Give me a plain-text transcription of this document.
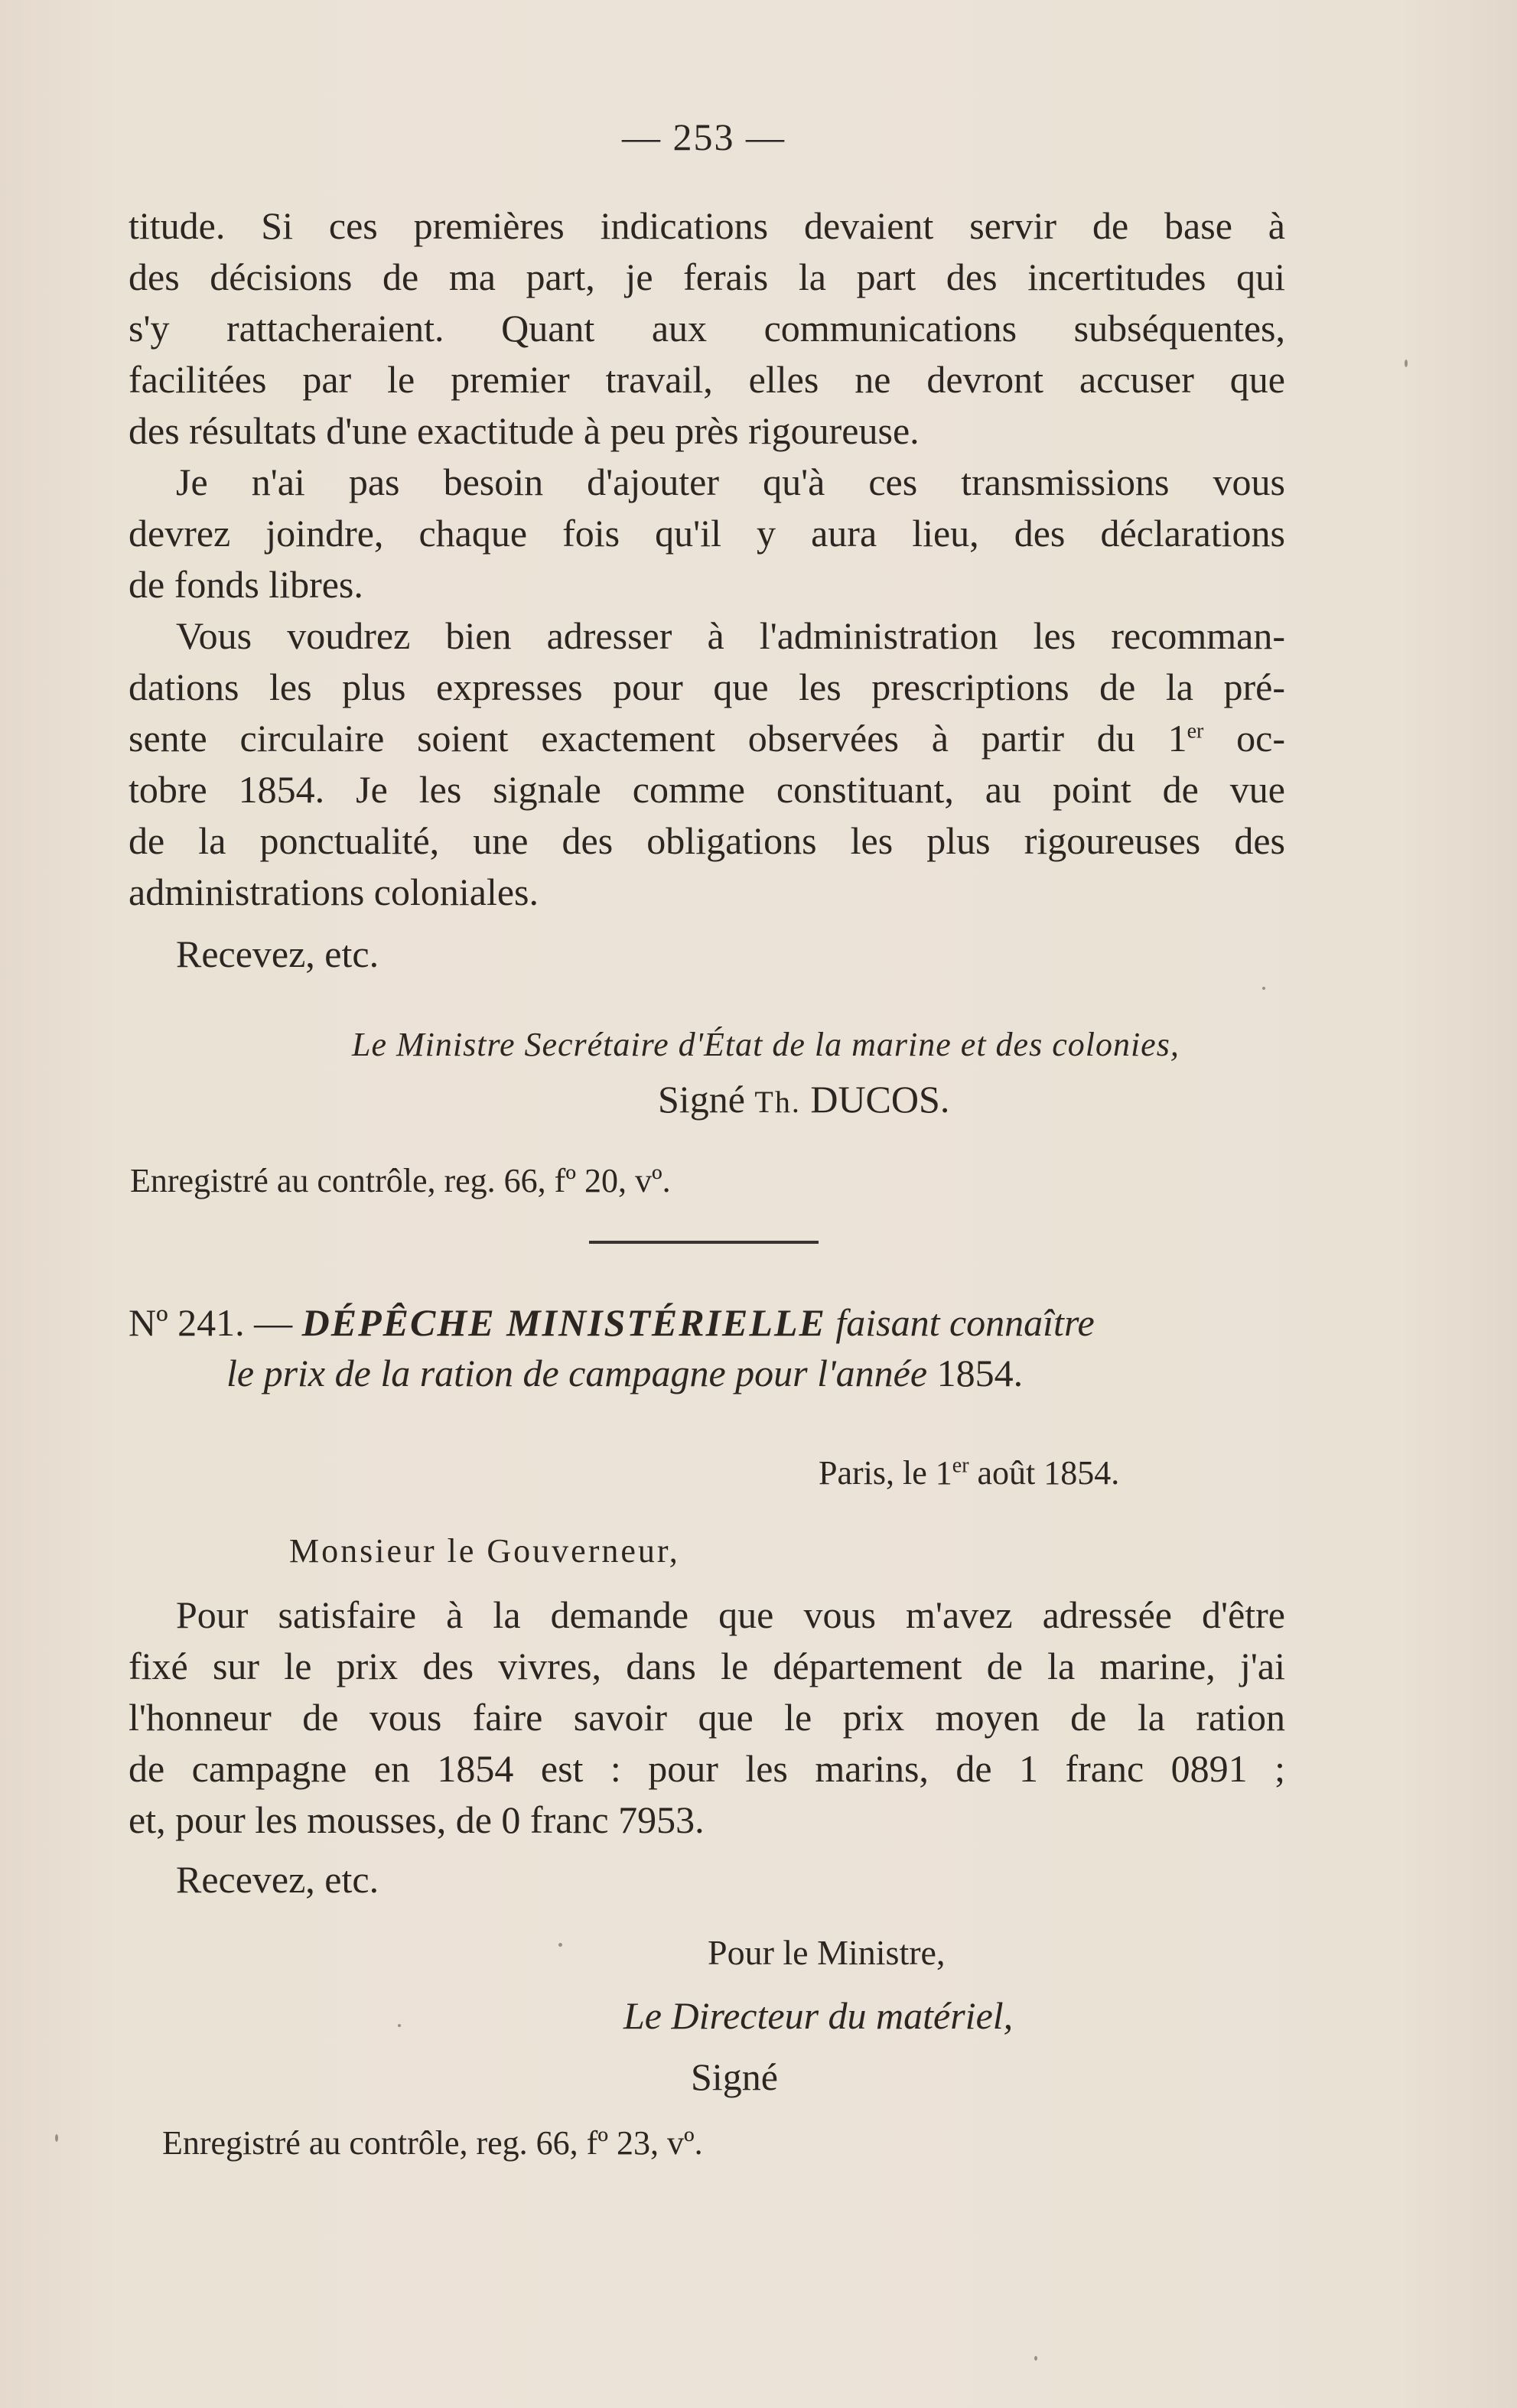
— 253 —

titude. Si ces premières indications devaient servir de base à
des décisions de ma part, je ferais la part des incertitudes qui
s'y rattacheraient. Quant aux communications subséquentes,
facilitées par le premier travail, elles ne devront accuser que
des résultats d'une exactitude à peu près rigoureuse.

Je n'ai pas besoin d'ajouter qu'à ces transmissions vous
devrez joindre, chaque fois qu'il y aura lieu, des déclarations
de fonds libres.

Vous voudrez bien adresser à l'administration les recomman-
dations les plus expresses pour que les prescriptions de la pré-
sente circulaire soient exactement observées à partir du 1er oc-
tobre 1854. Je les signale comme constituant, au point de vue
de la ponctualité, une des obligations les plus rigoureuses des
administrations coloniales.

Recevez, etc.
Le Ministre Secrétaire d'État de la marine et des colonies,
Signé Th. DUCOS.
Enregistré au contrôle, reg. 66, fº 20, vº.
Nº 241. — DÉPÊCHE MINISTÉRIELLE faisant connaître
le prix de la ration de campagne pour l'année 1854.
Paris, le 1er août 1854.
Monsieur le Gouverneur,

Pour satisfaire à la demande que vous m'avez adressée d'être
fixé sur le prix des vivres, dans le département de la marine, j'ai
l'honneur de vous faire savoir que le prix moyen de la ration
de campagne en 1854 est : pour les marins, de 1 franc 0891 ;
et, pour les mousses, de 0 franc 7953.

Recevez, etc.
Pour le Ministre,
Le Directeur du matériel,
Signé
Enregistré au contrôle, reg. 66, fº 23, vº.
